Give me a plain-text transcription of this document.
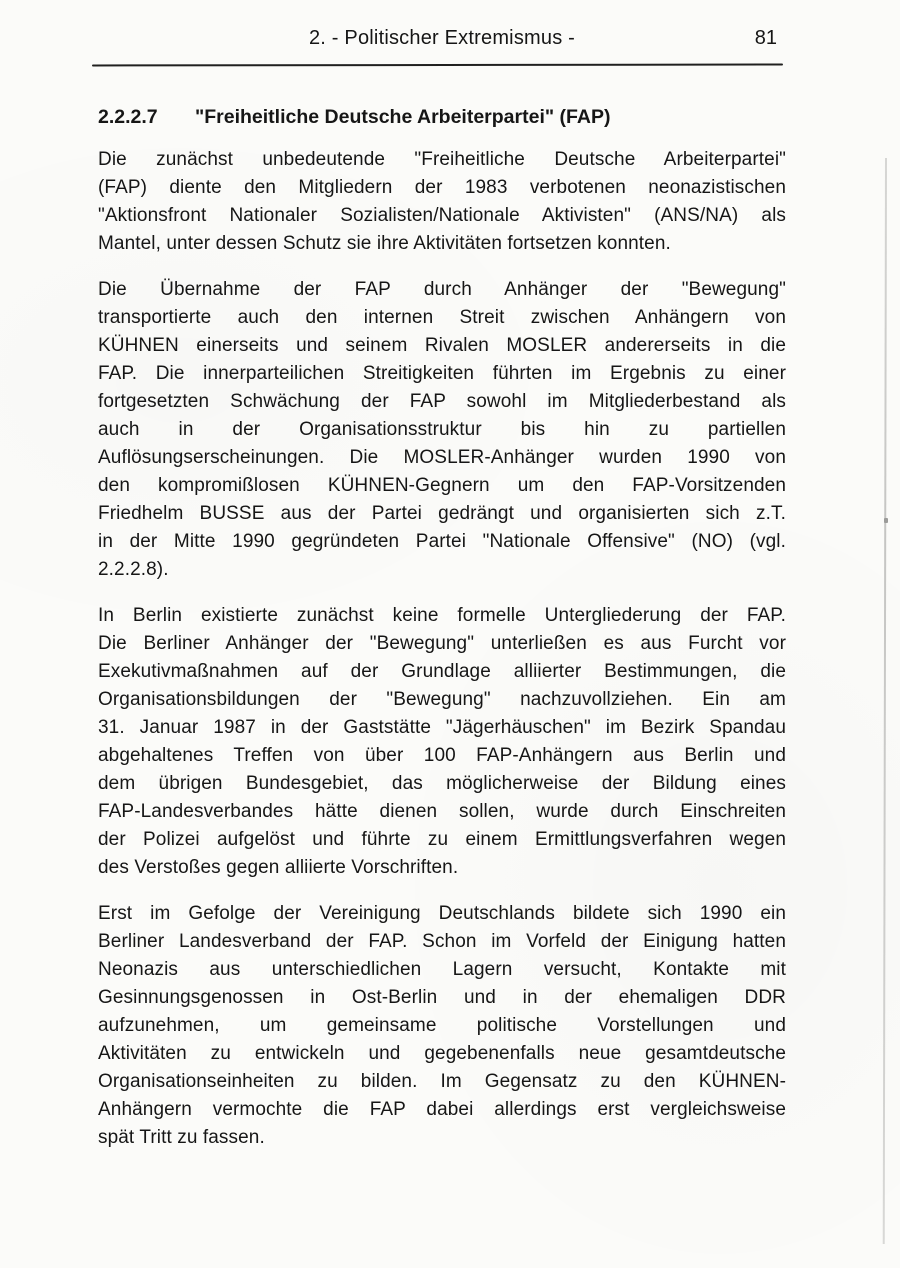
2. - Politischer Extremismus -	81
2.2.2.7 "Freiheitliche Deutsche Arbeiterpartei" (FAP)
Die zunächst unbedeutende "Freiheitliche Deutsche Arbeiterpartei"
(FAP) diente den Mitgliedern der 1983 verbotenen neonazistischen
"Aktionsfront Nationaler Sozialisten/Nationale Aktivisten" (ANS/NA) als
Mantel, unter dessen Schutz sie ihre Aktivitäten fortsetzen konnten.
Die Übernahme der FAP durch Anhänger der "Bewegung"
transportierte auch den internen Streit zwischen Anhängern von
KÜHNEN einerseits und seinem Rivalen MOSLER andererseits in die
FAP. Die innerparteilichen Streitigkeiten führten im Ergebnis zu einer
fortgesetzten Schwächung der FAP sowohl im Mitgliederbestand als
auch in der Organisationsstruktur bis hin zu partiellen
Auflösungserscheinungen. Die MOSLER-Anhänger wurden 1990 von
den kompromißlosen KÜHNEN-Gegnern um den FAP-Vorsitzenden
Friedhelm BUSSE aus der Partei gedrängt und organisierten sich z.T.
in der Mitte 1990 gegründeten Partei "Nationale Offensive" (NO) (vgl.
2.2.2.8).
In Berlin existierte zunächst keine formelle Untergliederung der FAP.
Die Berliner Anhänger der "Bewegung" unterließen es aus Furcht vor
Exekutivmaßnahmen auf der Grundlage alliierter Bestimmungen, die
Organisationsbildungen der "Bewegung" nachzuvollziehen. Ein am
31. Januar 1987 in der Gaststätte "Jägerhäuschen" im Bezirk Spandau
abgehaltenes Treffen von über 100 FAP-Anhängern aus Berlin und
dem übrigen Bundesgebiet, das möglicherweise der Bildung eines
FAP-Landesverbandes hätte dienen sollen, wurde durch Einschreiten
der Polizei aufgelöst und führte zu einem Ermittlungsverfahren wegen
des Verstoßes gegen alliierte Vorschriften.
Erst im Gefolge der Vereinigung Deutschlands bildete sich 1990 ein
Berliner Landesverband der FAP. Schon im Vorfeld der Einigung hatten
Neonazis aus unterschiedlichen Lagern versucht, Kontakte mit
Gesinnungsgenossen in Ost-Berlin und in der ehemaligen DDR
aufzunehmen, um gemeinsame politische Vorstellungen und
Aktivitäten zu entwickeln und gegebenenfalls neue gesamtdeutsche
Organisationseinheiten zu bilden. Im Gegensatz zu den KÜHNEN-
Anhängern vermochte die FAP dabei allerdings erst vergleichsweise
spät Tritt zu fassen.
